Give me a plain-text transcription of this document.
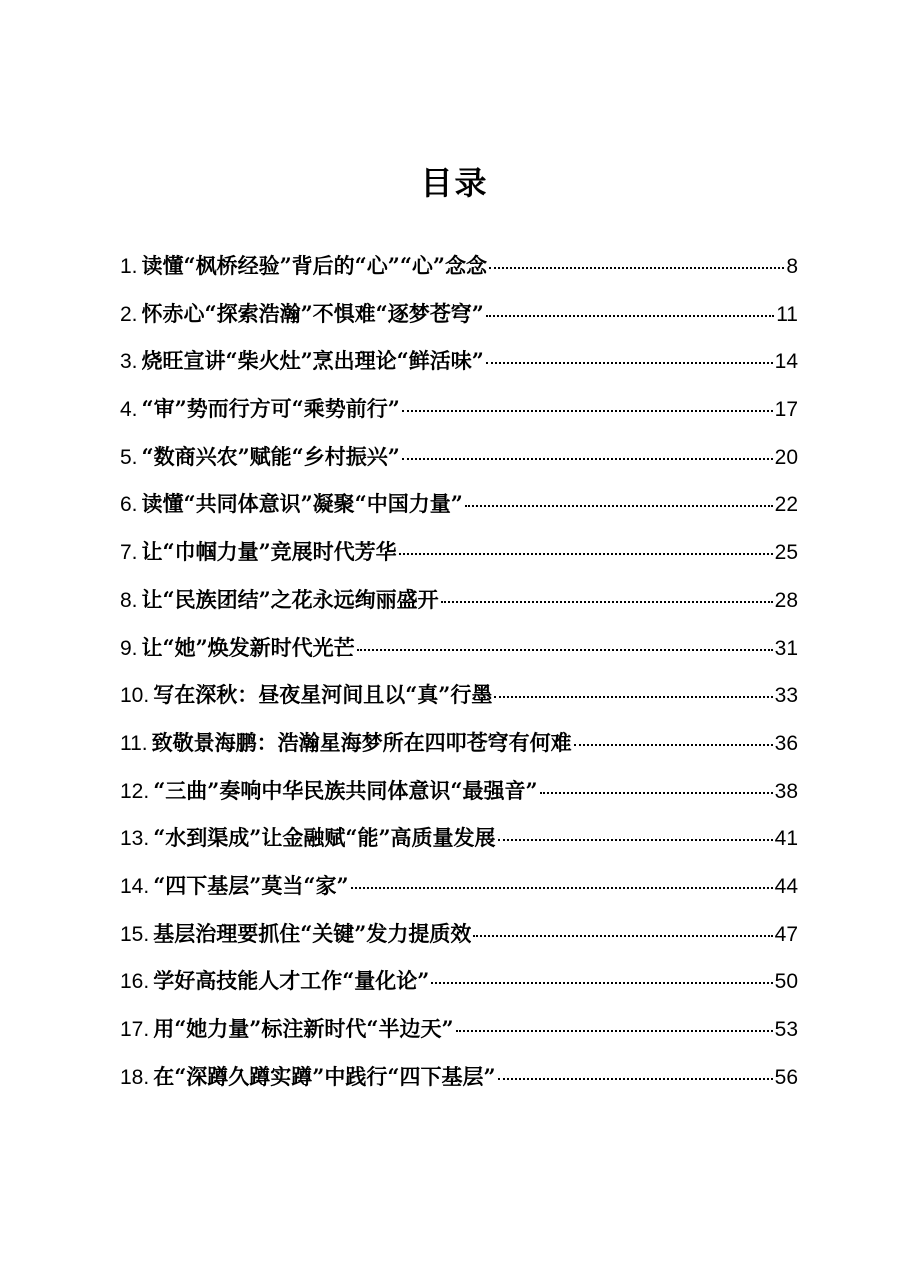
目录
1. 读懂“枫桥经验”背后的“心”“心”念念	8
2. 怀赤心“探索浩瀚”不惧难“逐梦苍穹”	11
3. 烧旺宣讲“柴火灶”烹出理论“鲜活味”	14
4. “审”势而行方可“乘势前行”	17
5. “数商兴农”赋能“乡村振兴”	20
6. 读懂“共同体意识”凝聚“中国力量”	22
7. 让“巾帼力量”竞展时代芳华	25
8. 让“民族团结”之花永远绚丽盛开	28
9. 让“她”焕发新时代光芒	31
10. 写在深秋：昼夜星河间且以“真”行墨	33
11. 致敬景海鹏：浩瀚星海梦所在四叩苍穹有何难	36
12. “三曲”奏响中华民族共同体意识“最强音”	38
13. “水到渠成”让金融赋“能”高质量发展	41
14. “四下基层”莫当“家”	44
15. 基层治理要抓住“关键”发力提质效	47
16. 学好高技能人才工作“量化论”	50
17. 用“她力量”标注新时代“半边天”	53
18. 在“深蹲久蹲实蹲”中践行“四下基层”	56
